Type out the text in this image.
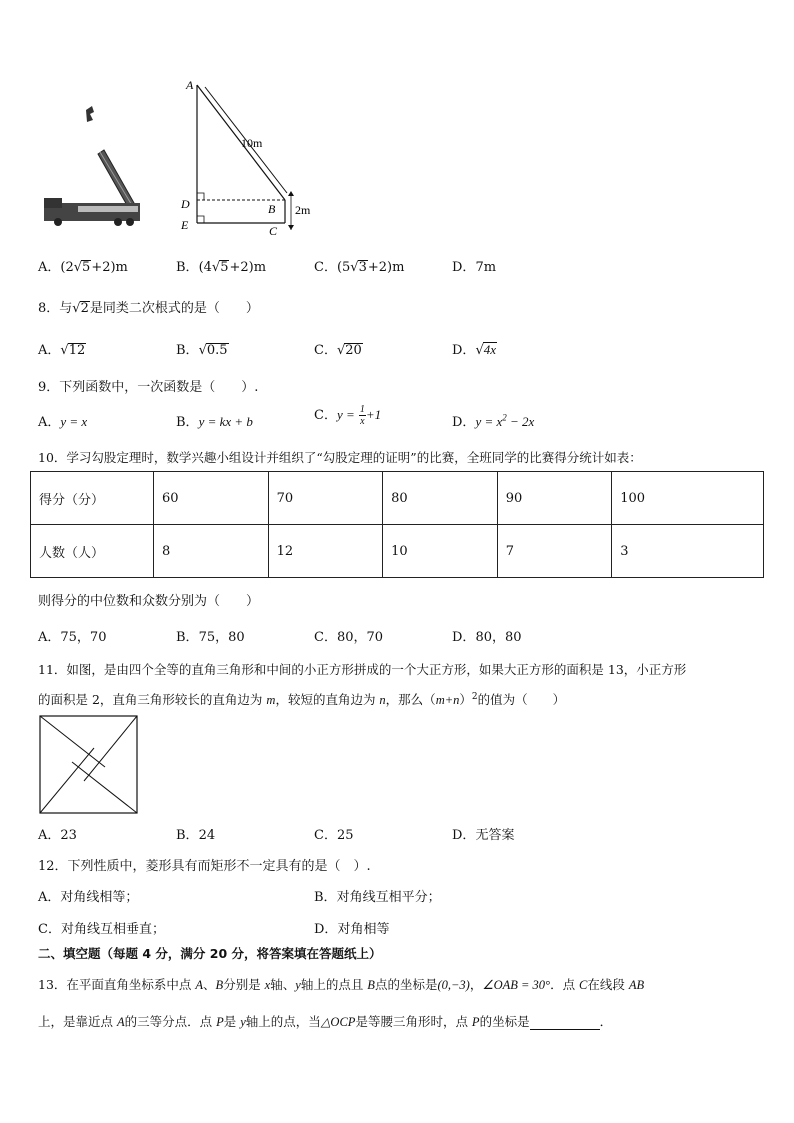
A
D
E
B
C
10m
2m
A．(2√5+2)m	B．(4√5+2)m	C．(5√3+2)m	D．7m
8．与√2是同类二次根式的是（　　）
A．√12	B．√0.5	C．√20	D．√4x
9．下列函数中，一次函数是（　　）.
A．y = x	B．y = kx + b	C．$y = \frac{1}{x} +1$
D．$y = x^2 - 2x$
10．学习勾股定理时，数学兴趣小组设计并组织了“勾股定理的证明”的比赛，全班同学的比赛得分统计如表：
得分（分）	60	70	80	90	100
人数（人）	8	12	10	7	3
则得分的中位数和众数分别为（　　）
A．75，70	B．75，80	C．80，70	D．80，80
11．如图，是由四个全等的直角三角形和中间的小正方形拼成的一个大正方形，如果大正方形的面积是 13，小正方形
的面积是 2，直角三角形较长的直角边为 m，较短的直角边为 n，那么$(m+n)^2$的值为（　　）
A．23	B．24	C．25	D．无答案
12．下列性质中，菱形具有而矩形不一定具有的是（　）.
A．对角线相等；	B．对角线互相平分；
C．对角线互相垂直；	D．对角相等
二、填空题（每题 4 分，满分 20 分，将答案填在答题纸上）
13．在平面直角坐标系中点 A、B分别是 x轴、y轴上的点且 B点的坐标是(0,−3)，∠OAB = 30°．点 C在线段 AB
上，是靠近点 A的三等分点．点 P是 y轴上的点，当△OCP是等腰三角形时，点 P的坐标是	．
